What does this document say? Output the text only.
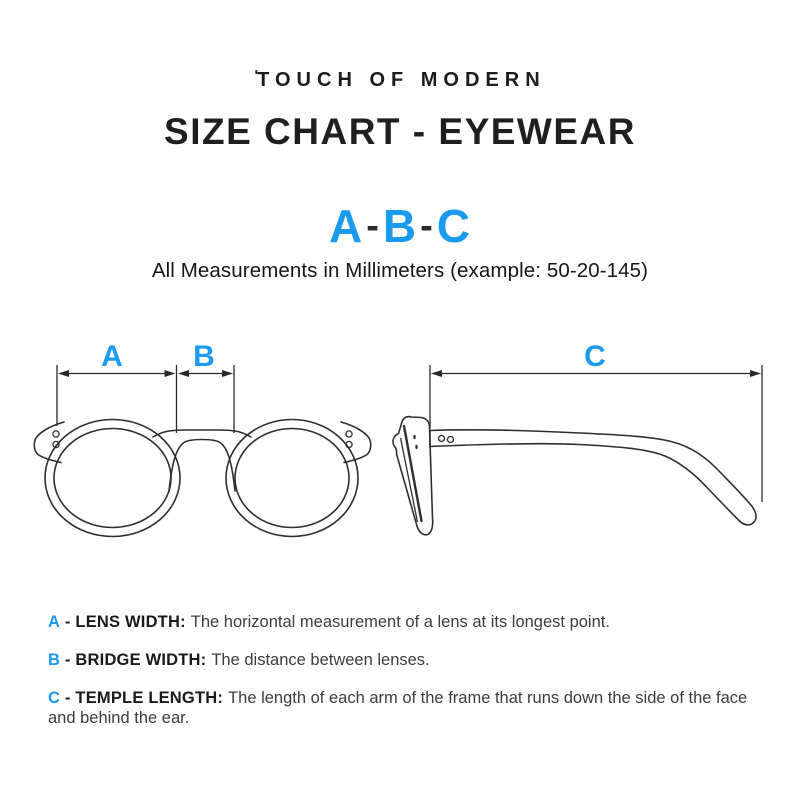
ʹTOUCH OF MODERN
SIZE CHART - EYEWEAR
A-B-C
All Measurements in Millimeters (example: 50-20-145)
A B	C

A - LENS WIDTH: The horizontal measurement of a lens at its longest point.

B - BRIDGE WIDTH: The distance between lenses.

C - TEMPLE LENGTH: The length of each arm of the frame that runs down the side of the face and behind the ear.
